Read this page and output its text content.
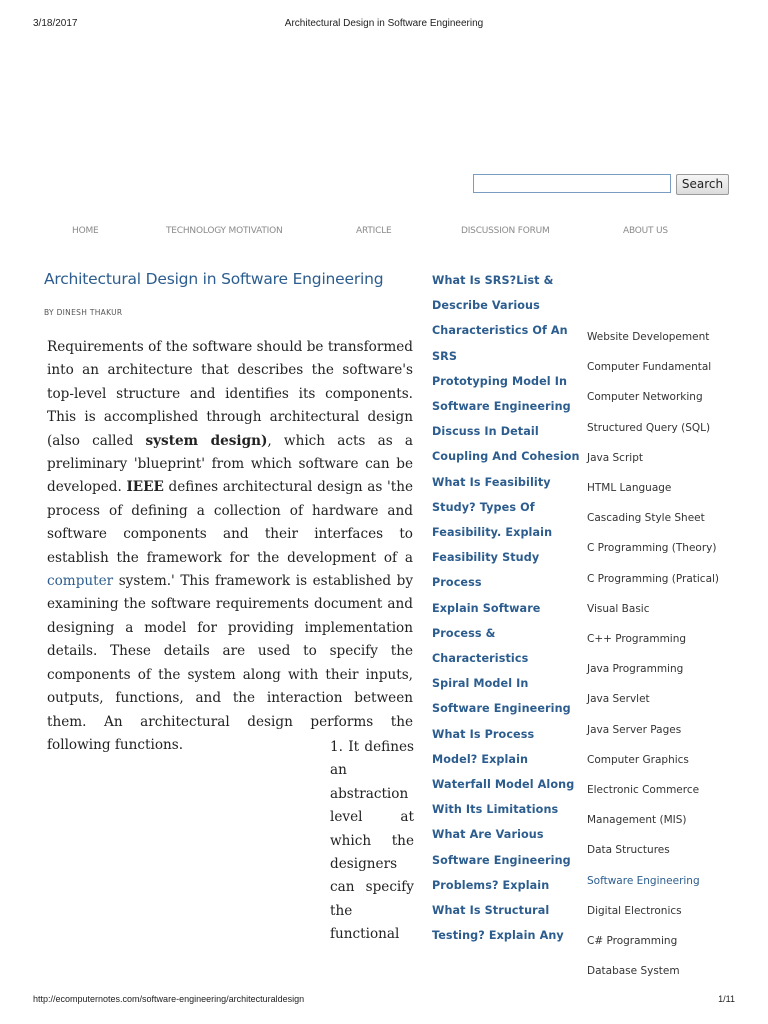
3/18/2017	Architectural Design in Software Engineering
Search
HOME	TECHNOLOGY MOTIVATION	ARTICLE	DISCUSSION FORUM	ABOUT US
Architectural Design in Software Engineering
BY DINESH THAKUR
Requirements of the software should be transformed into an architecture that describes the software's top-level structure and identifies its components. This is accomplished through architectural design (also called system design), which acts as a preliminary 'blueprint' from which software can be developed. IEEE defines architectural design as 'the process of defining a collection of hardware and software components and their interfaces to establish the framework for the development of a computer system.' This framework is established by examining the software requirements document and designing a model for providing implementation details. These details are used to specify the components of the system along with their inputs, outputs, functions, and the interaction between them. An architectural design performs the following functions.	1. It defines an abstraction level at which the designers can specify the functional
What Is SRS?List & Describe Various Characteristics Of An SRS
Prototyping Model In Software Engineering
Discuss In Detail Coupling And Cohesion
What Is Feasibility Study? Types Of Feasibility. Explain Feasibility Study Process
Explain Software Process & Characteristics
Spiral Model In Software Engineering
What Is Process Model? Explain Waterfall Model Along With Its Limitations
What Are Various Software Engineering Problems? Explain
What Is Structural Testing? Explain Any
Website Developement
Computer Fundamental
Computer Networking
Structured Query (SQL)
Java Script
HTML Language
Cascading Style Sheet
C Programming (Theory)
C Programming (Pratical)
Visual Basic
C++ Programming
Java Programming
Java Servlet
Java Server Pages
Computer Graphics
Electronic Commerce
Management (MIS)
Data Structures
Software Engineering
Digital Electronics
C# Programming
Database System
http://ecomputernotes.com/software-engineering/architecturaldesign	1/11
